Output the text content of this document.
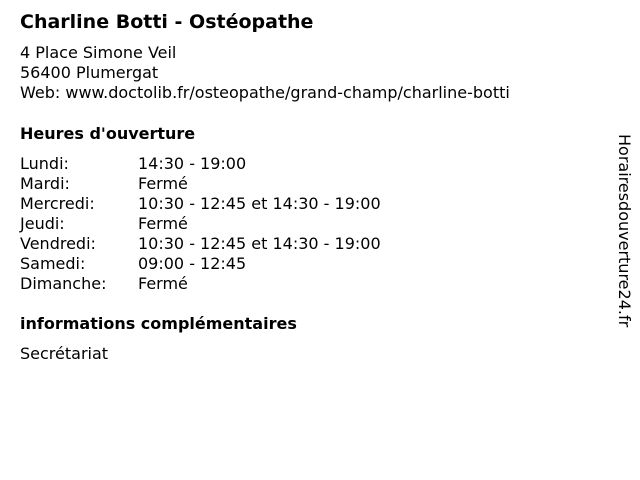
Charline Botti - Ostéopathe
4 Place Simone Veil
56400 Plumergat
Web: www.doctolib.fr/osteopathe/grand-champ/charline-botti
Heures d'ouverture
Lundi:	14:30 - 19:00
Mardi:	Fermé
Mercredi:	10:30 - 12:45 et 14:30 - 19:00
Jeudi:	Fermé
Vendredi:	10:30 - 12:45 et 14:30 - 19:00
Samedi:	09:00 - 12:45
Dimanche:	Fermé
informations complémentaires
Secrétariat
Horairesdouverture24.fr
